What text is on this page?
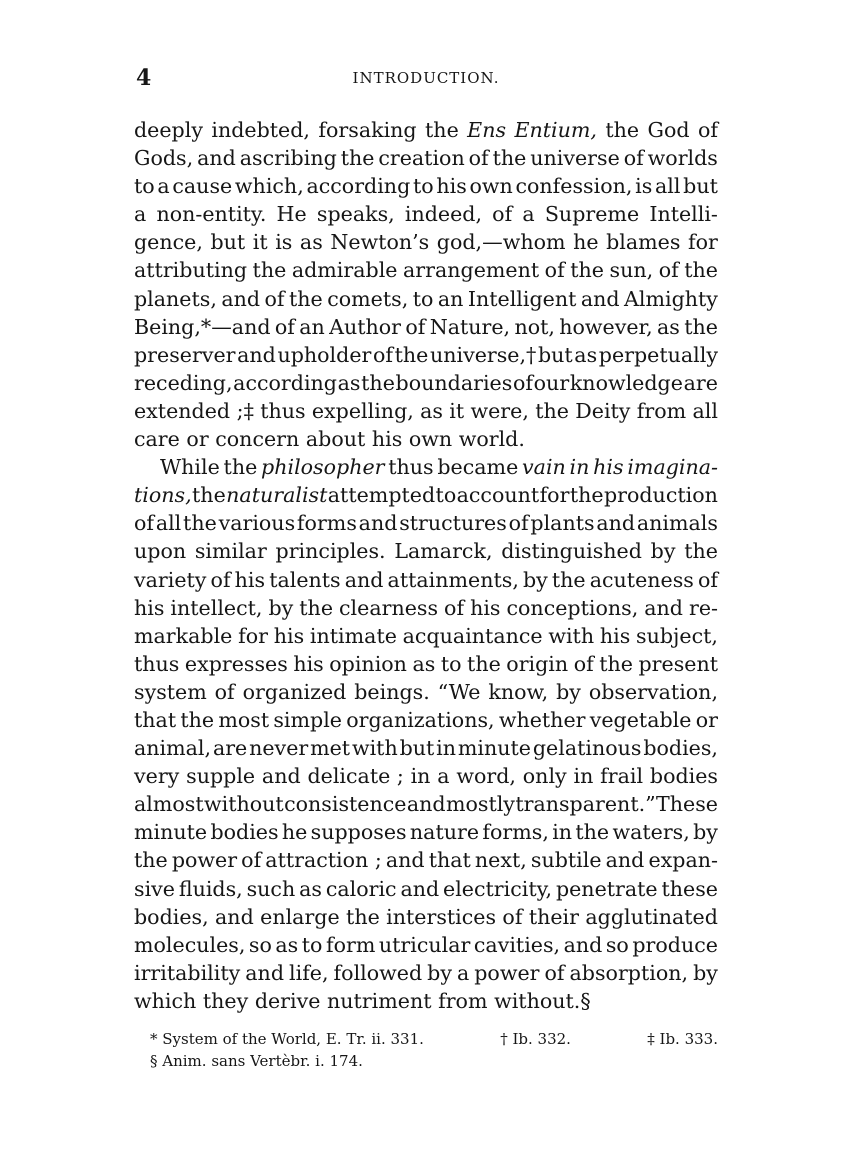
4	INTRODUCTION.
deeply indebted, forsaking the Ens Entium, the God of
Gods, and ascribing the creation of the universe of worlds
to a cause which, according to his own confession, is all but
a non-entity. He speaks, indeed, of a Supreme Intelli-
gence, but it is as Newton’s god,—whom he blames for
attributing the admirable arrangement of the sun, of the
planets, and of the comets, to an Intelligent and Almighty
Being,*—and of an Author of Nature, not, however, as the
preserver and upholder of the universe,† but as perpetually
receding, according as the boundaries of our knowledge are
extended ;‡ thus expelling, as it were, the Deity from all
care or concern about his own world.
While the philosopher thus became vain in his imagina-
tions, the naturalist attempted to account for the production
of all the various forms and structures of plants and animals
upon similar principles. Lamarck, distinguished by the
variety of his talents and attainments, by the acuteness of
his intellect, by the clearness of his conceptions, and re-
markable for his intimate acquaintance with his subject,
thus expresses his opinion as to the origin of the present
system of organized beings. “We know, by observation,
that the most simple organizations, whether vegetable or
animal, are never met with but in minute gelatinous bodies,
very supple and delicate ; in a word, only in frail bodies
almost without consistence and mostly transparent.” These
minute bodies he supposes nature forms, in the waters, by
the power of attraction ; and that next, subtile and expan-
sive fluids, such as caloric and electricity, penetrate these
bodies, and enlarge the interstices of their agglutinated
molecules, so as to form utricular cavities, and so produce
irritability and life, followed by a power of absorption, by
which they derive nutriment from without.§
* System of the World, E. Tr. ii. 331.	† Ib. 332.	‡ Ib. 333.
§ Anim. sans Vertèbr. i. 174.
